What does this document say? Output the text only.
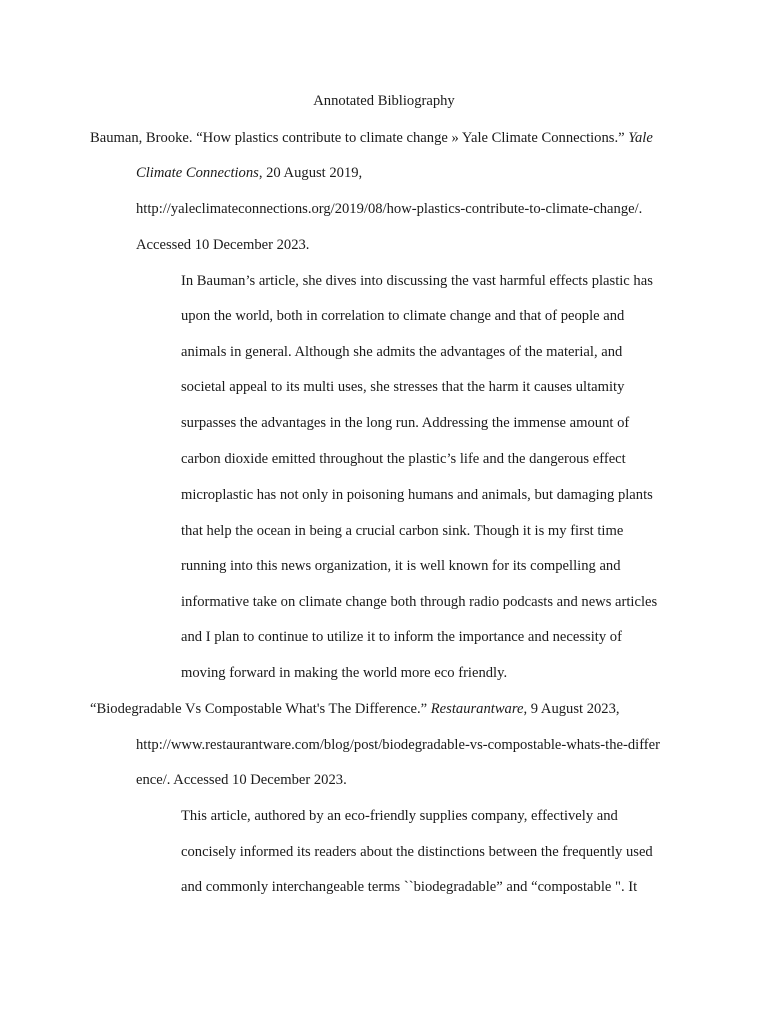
Annotated Bibliography
Bauman, Brooke. “How plastics contribute to climate change » Yale Climate Connections.” Yale
Climate Connections, 20 August 2019,
http://yaleclimateconnections.org/2019/08/how-plastics-contribute-to-climate-change/.
Accessed 10 December 2023.
In Bauman’s article, she dives into discussing the vast harmful effects plastic has
upon the world, both in correlation to climate change and that of people and
animals in general. Although she admits the advantages of the material, and
societal appeal to its multi uses, she stresses that the harm it causes ultamity
surpasses the advantages in the long run. Addressing the immense amount of
carbon dioxide emitted throughout the plastic’s life and the dangerous effect
microplastic has not only in poisoning humans and animals, but damaging plants
that help the ocean in being a crucial carbon sink. Though it is my first time
running into this news organization, it is well known for its compelling and
informative take on climate change both through radio podcasts and news articles
and I plan to continue to utilize it to inform the importance and necessity of
moving forward in making the world more eco friendly.
“Biodegradable Vs Compostable What's The Difference.” Restaurantware, 9 August 2023,
http://www.restaurantware.com/blog/post/biodegradable-vs-compostable-whats-the-differ
ence/. Accessed 10 December 2023.
This article, authored by an eco-friendly supplies company, effectively and
concisely informed its readers about the distinctions between the frequently used
and commonly interchangeable terms ``biodegradable” and “compostable ". It
